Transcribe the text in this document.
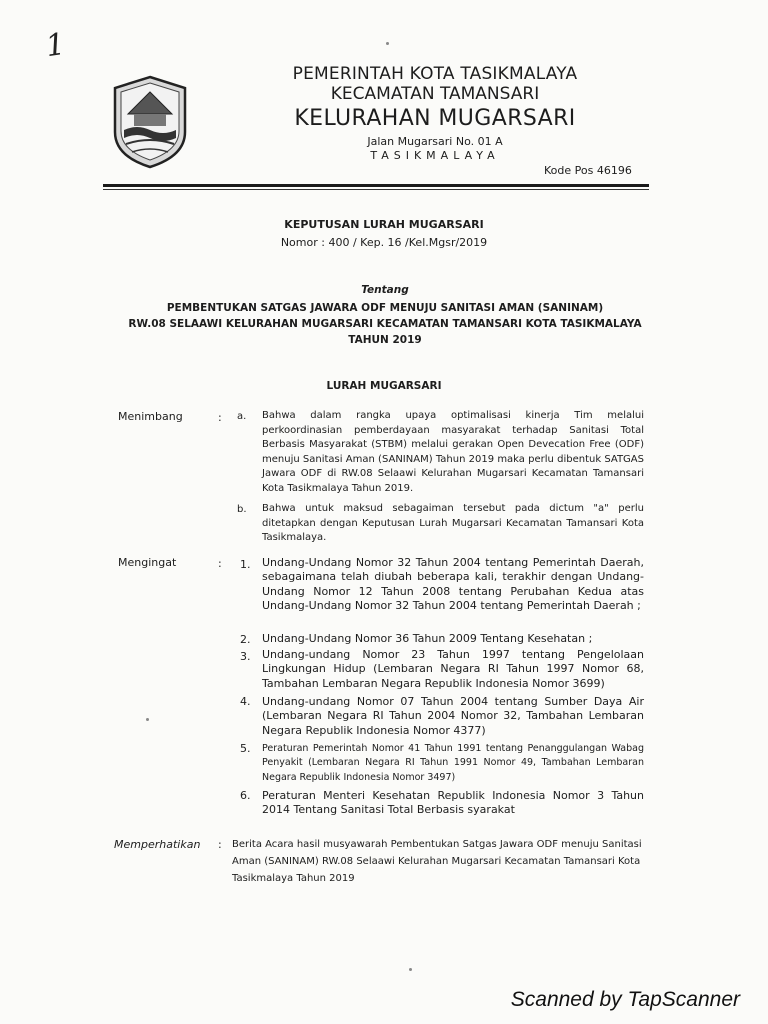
1
PEMERINTAH KOTA TASIKMALAYA
KECAMATAN TAMANSARI
KELURAHAN MUGARSARI
Jalan Mugarsari No. 01 A
TASIKMALAYA
Kode Pos 46196
KEPUTUSAN LURAH MUGARSARI
Nomor : 400 / Kep. 16 /Kel.Mgsr/2019
Tentang
PEMBENTUKAN SATGAS JAWARA ODF MENUJU SANITASI AMAN (SANINAM)
RW.08 SELAAWI KELURAHAN MUGARSARI KECAMATAN TAMANSARI KOTA TASIKMALAYA
TAHUN 2019
LURAH MUGARSARI
Menimbang	: a. Bahwa dalam rangka upaya optimalisasi kinerja Tim melalui perkoordinasian pemberdayaan masyarakat terhadap Sanitasi Total Berbasis Masyarakat (STBM) melalui gerakan Open Devecation Free (ODF) menuju Sanitasi Aman (SANINAM) Tahun 2019 maka perlu dibentuk SATGAS Jawara ODF di RW.08 Selaawi Kelurahan Mugarsari Kecamatan Tamansari Kota Tasikmalaya Tahun 2019.
b. Bahwa untuk maksud sebagaiman tersebut pada dictum "a" perlu ditetapkan dengan Keputusan Lurah Mugarsari Kecamatan Tamansari Kota Tasikmalaya.
Mengingat	: 1. Undang-Undang Nomor 32 Tahun 2004 tentang Pemerintah Daerah, sebagaimana telah diubah beberapa kali, terakhir dengan Undang- Undang Nomor 12 Tahun 2008 tentang Perubahan Kedua atas Undang-Undang Nomor 32 Tahun 2004 tentang Pemerintah Daerah ;
2. Undang-Undang Nomor 36 Tahun 2009 Tentang Kesehatan ;
3. Undang-undang Nomor 23 Tahun 1997 tentang Pengelolaan Lingkungan Hidup (Lembaran Negara RI Tahun 1997 Nomor 68, Tambahan Lembaran Negara Republik Indonesia Nomor 3699)
4. Undang-undang Nomor 07 Tahun 2004 tentang Sumber Daya Air (Lembaran Negara RI Tahun 2004 Nomor 32, Tambahan Lembaran Negara Republik Indonesia Nomor 4377)
5. Peraturan Pemerintah Nomor 41 Tahun 1991 tentang Penanggulangan Wabag Penyakit (Lembaran Negara RI Tahun 1991 Nomor 49, Tambahan Lembaran Negara Republik Indonesia Nomor 3497)
6. Peraturan Menteri Kesehatan Republik Indonesia Nomor 3 Tahun 2014 Tentang Sanitasi Total Berbasis syarakat
Memperhatikan : Berita Acara hasil musyawarah Pembentukan Satgas Jawara ODF menuju Sanitasi Aman (SANINAM) RW.08 Selaawi Kelurahan Mugarsari Kecamatan Tamansari Kota Tasikmalaya Tahun 2019
Scanned by TapScanner
